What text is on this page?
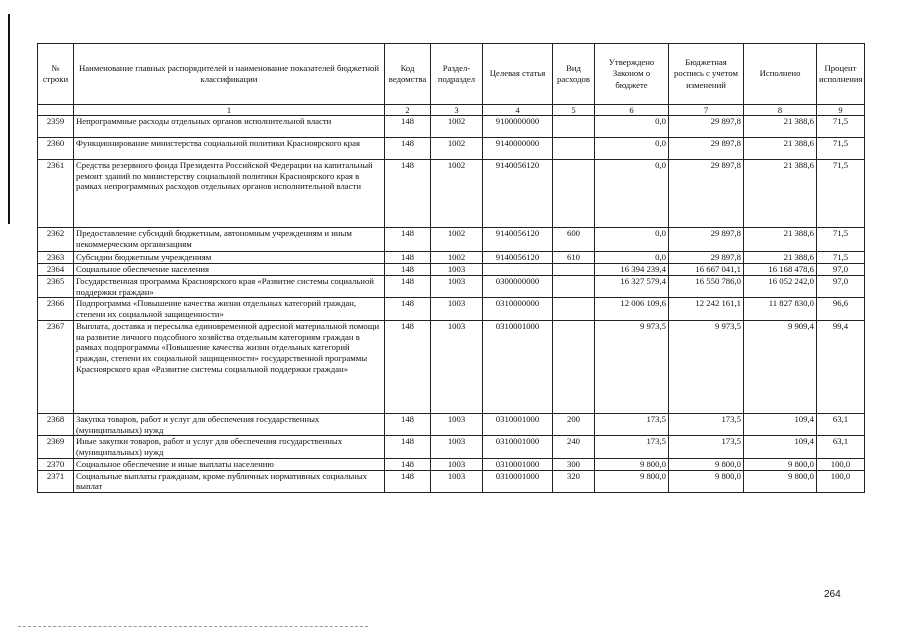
№ строки	Наименование главных распорядителей и наименование показателей бюджетной классификации	Код ведомства	Раздел-подраздел	Целевая статья	Вид расходов	Утверждено Законом о бюджете	Бюджетная роспись с учетом изменений	Исполнено	Процент исполнения
	1	2	3	4	5	6	7	8	9
2359	Непрограммные расходы отдельных органов исполнительной власти	148	1002	9100000000		0,0	29 897,8	21 388,6	71,5
2360	Функционирование министерства социальной политики Красноярского края	148	1002	9140000000		0,0	29 897,8	21 388,6	71,5
2361	Средства резервного фонда Президента Российской Федерации на капитальный ремонт зданий по министерству социальной политики Красноярского края в рамках непрограммных расходов отдельных органов исполнительной власти	148	1002	9140056120		0,0	29 897,8	21 388,6	71,5
2362	Предоставление субсидий бюджетным, автономным учреждениям и иным некоммерческим организациям	148	1002	9140056120	600	0,0	29 897,8	21 388,6	71,5
2363	Субсидии бюджетным учреждениям	148	1002	9140056120	610	0,0	29 897,8	21 388,6	71,5
2364	Социальное обеспечение населения	148	1003			16 394 239,4	16 667 041,1	16 168 478,6	97,0
2365	Государственная программа Красноярского края «Развитие системы социальной поддержки граждан»	148	1003	0300000000		16 327 579,4	16 550 786,0	16 052 242,0	97,0
2366	Подпрограмма «Повышение качества жизни отдельных категорий граждан, степени их социальной защищенности»	148	1003	0310000000		12 006 109,6	12 242 161,1	11 827 830,0	96,6
2367	Выплата, доставка и пересылка единовременной адресной материальной помощи на развитие личного подсобного хозяйства отдельным категориям граждан в рамках подпрограммы «Повышение качества жизни отдельных категорий граждан, степени их социальной защищенности» государственной программы Красноярского края «Развитие системы социальной поддержки граждан»	148	1003	0310001000		9 973,5	9 973,5	9 909,4	99,4
2368	Закупка товаров, работ и услуг для обеспечения государственных (муниципальных) нужд	148	1003	0310001000	200	173,5	173,5	109,4	63,1
2369	Иные закупки товаров, работ и услуг для обеспечения государственных (муниципальных) нужд	148	1003	0310001000	240	173,5	173,5	109,4	63,1
2370	Социальное обеспечение и иные выплаты населению	148	1003	0310001000	300	9 800,0	9 800,0	9 800,0	100,0
2371	Социальные выплаты гражданам, кроме публичных нормативных социальных выплат	148	1003	0310001000	320	9 800,0	9 800,0	9 800,0	100,0
264
